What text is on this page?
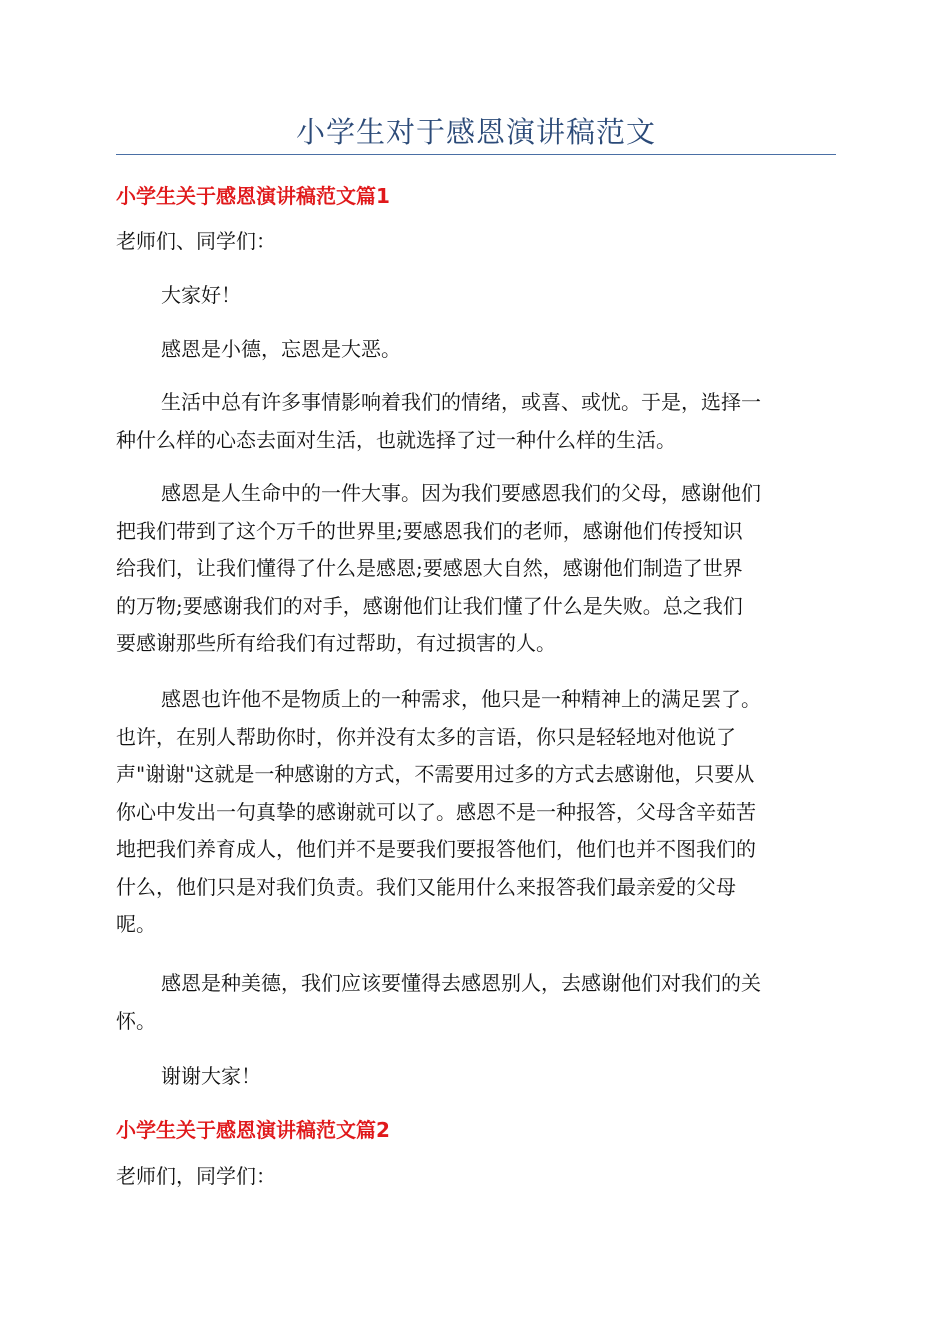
小学生对于感恩演讲稿范文
小学生关于感恩演讲稿范文篇1

老师们、同学们：

大家好！

感恩是小德，忘恩是大恶。

生活中总有许多事情影响着我们的情绪，或喜、或忧。于是，选择一
种什么样的心态去面对生活，也就选择了过一种什么样的生活。
感恩是人生命中的一件大事。因为我们要感恩我们的父母，感谢他们
把我们带到了这个万千的世界里;要感恩我们的老师，感谢他们传授知识
给我们，让我们懂得了什么是感恩;要感恩大自然，感谢他们制造了世界
的万物;要感谢我们的对手，感谢他们让我们懂了什么是失败。总之我们
要感谢那些所有给我们有过帮助，有过损害的人。
感恩也许他不是物质上的一种需求，他只是一种精神上的满足罢了。
也许，在别人帮助你时，你并没有太多的言语，你只是轻轻地对他说了
声"谢谢"这就是一种感谢的方式，不需要用过多的方式去感谢他，只要从
你心中发出一句真挚的感谢就可以了。感恩不是一种报答，父母含辛茹苦
地把我们养育成人，他们并不是要我们要报答他们，他们也并不图我们的
什么，他们只是对我们负责。我们又能用什么来报答我们最亲爱的父母
呢。
感恩是种美德，我们应该要懂得去感恩别人，去感谢他们对我们的关
怀。

谢谢大家！

小学生关于感恩演讲稿范文篇2

老师们，同学们：
